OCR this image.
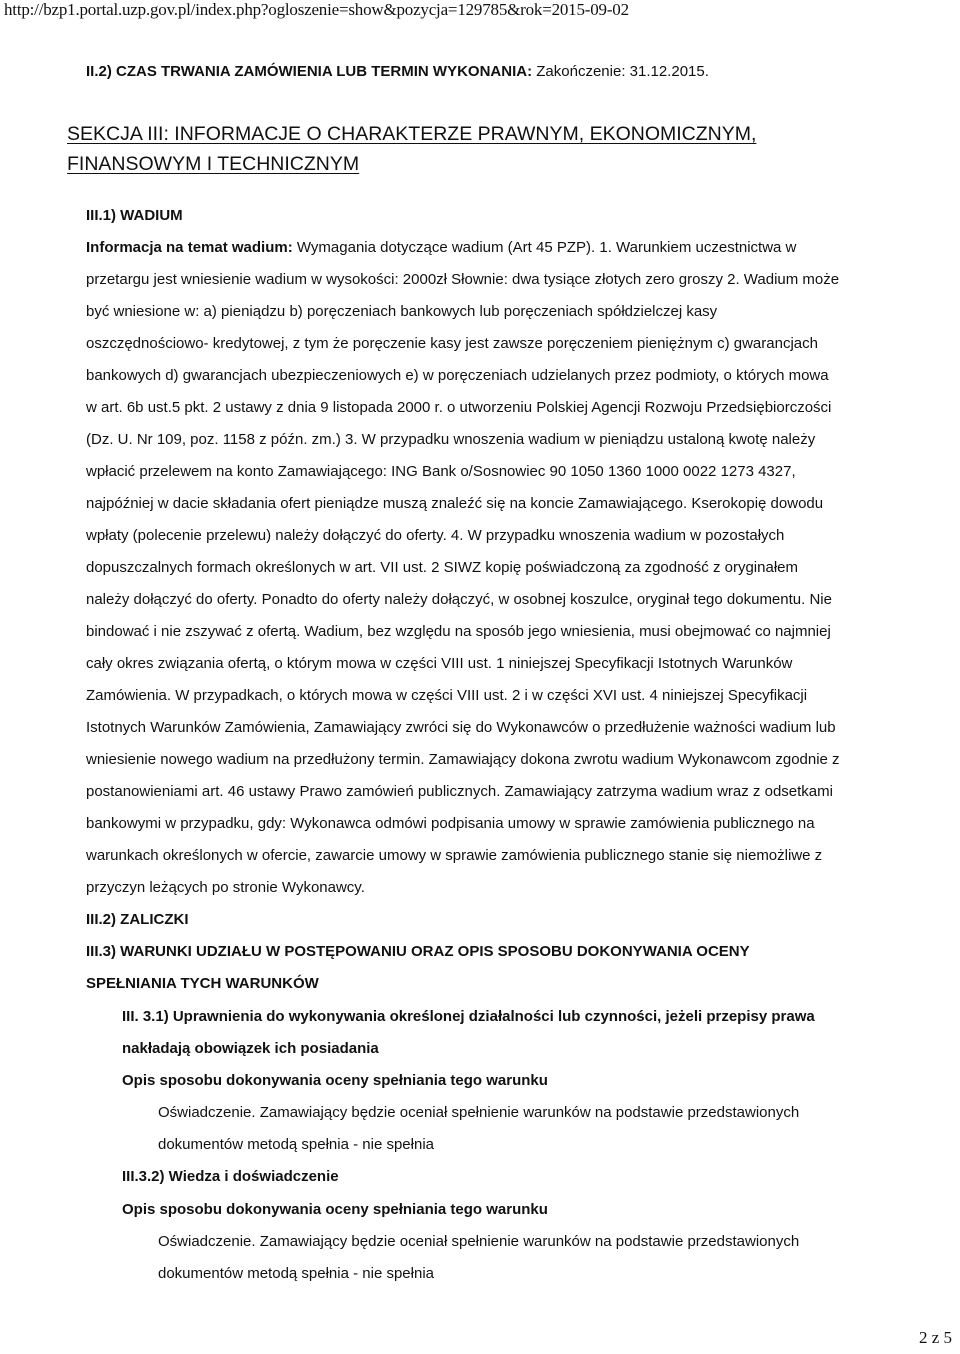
http://bzp1.portal.uzp.gov.pl/index.php?ogloszenie=show&pozycja=129785&rok=2015-09-02
II.2) CZAS TRWANIA ZAMÓWIENIA LUB TERMIN WYKONANIA: Zakończenie: 31.12.2015.
SEKCJA III: INFORMACJE O CHARAKTERZE PRAWNYM, EKONOMICZNYM,
FINANSOWYM I TECHNICZNYM
III.1) WADIUM
Informacja na temat wadium: Wymagania dotyczące wadium (Art 45 PZP). 1. Warunkiem uczestnictwa w
przetargu jest wniesienie wadium w wysokości: 2000zł Słownie: dwa tysiące złotych zero groszy 2. Wadium może
być wniesione w: a) pieniądzu b) poręczeniach bankowych lub poręczeniach spółdzielczej kasy
oszczędnościowo- kredytowej, z tym że poręczenie kasy jest zawsze poręczeniem pieniężnym c) gwarancjach
bankowych d) gwarancjach ubezpieczeniowych e) w poręczeniach udzielanych przez podmioty, o których mowa
w art. 6b ust.5 pkt. 2 ustawy z dnia 9 listopada 2000 r. o utworzeniu Polskiej Agencji Rozwoju Przedsiębiorczości
(Dz. U. Nr 109, poz. 1158 z późn. zm.) 3. W przypadku wnoszenia wadium w pieniądzu ustaloną kwotę należy
wpłacić przelewem na konto Zamawiającego: ING Bank o/Sosnowiec 90 1050 1360 1000 0022 1273 4327,
najpóźniej w dacie składania ofert pieniądze muszą znaleźć się na koncie Zamawiającego. Kserokopię dowodu
wpłaty (polecenie przelewu) należy dołączyć do oferty. 4. W przypadku wnoszenia wadium w pozostałych
dopuszczalnych formach określonych w art. VII ust. 2 SIWZ kopię poświadczoną za zgodność z oryginałem
należy dołączyć do oferty. Ponadto do oferty należy dołączyć, w osobnej koszulce, oryginał tego dokumentu. Nie
bindować i nie zszywać z ofertą. Wadium, bez względu na sposób jego wniesienia, musi obejmować co najmniej
cały okres związania ofertą, o którym mowa w części VIII ust. 1 niniejszej Specyfikacji Istotnych Warunków
Zamówienia. W przypadkach, o których mowa w części VIII ust. 2 i w części XVI ust. 4 niniejszej Specyfikacji
Istotnych Warunków Zamówienia, Zamawiający zwróci się do Wykonawców o przedłużenie ważności wadium lub
wniesienie nowego wadium na przedłużony termin. Zamawiający dokona zwrotu wadium Wykonawcom zgodnie z
postanowieniami art. 46 ustawy Prawo zamówień publicznych. Zamawiający zatrzyma wadium wraz z odsetkami
bankowymi w przypadku, gdy: Wykonawca odmówi podpisania umowy w sprawie zamówienia publicznego na
warunkach określonych w ofercie, zawarcie umowy w sprawie zamówienia publicznego stanie się niemożliwe z
przyczyn leżących po stronie Wykonawcy.
III.2) ZALICZKI
III.3) WARUNKI UDZIAŁU W POSTĘPOWANIU ORAZ OPIS SPOSOBU DOKONYWANIA OCENY
SPEŁNIANIA TYCH WARUNKÓW
III. 3.1) Uprawnienia do wykonywania określonej działalności lub czynności, jeżeli przepisy prawa
nakładają obowiązek ich posiadania
Opis sposobu dokonywania oceny spełniania tego warunku
Oświadczenie. Zamawiający będzie oceniał spełnienie warunków na podstawie przedstawionych
dokumentów metodą spełnia - nie spełnia
III.3.2) Wiedza i doświadczenie
Opis sposobu dokonywania oceny spełniania tego warunku
Oświadczenie. Zamawiający będzie oceniał spełnienie warunków na podstawie przedstawionych
dokumentów metodą spełnia - nie spełnia
2 z 5
